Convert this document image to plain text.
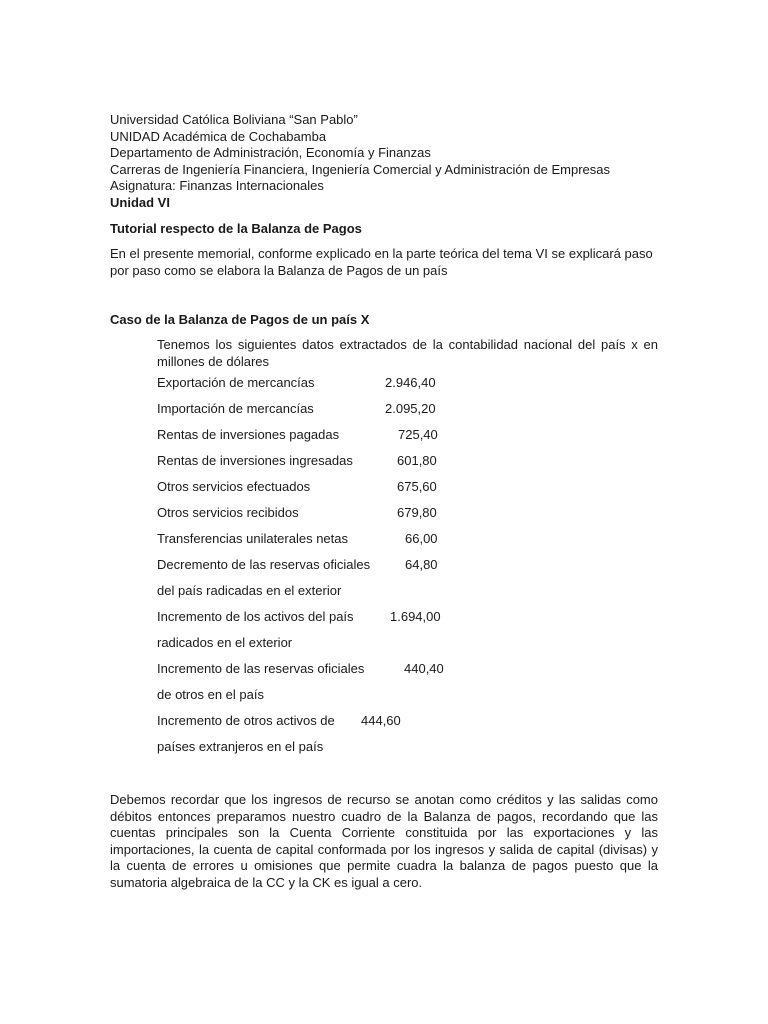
Universidad Católica Boliviana “San Pablo”
UNIDAD Académica de Cochabamba
Departamento de Administración, Economía y Finanzas
Carreras de Ingeniería Financiera, Ingeniería Comercial y Administración de Empresas
Asignatura: Finanzas Internacionales
Unidad VI
Tutorial respecto de la Balanza de Pagos
En el presente memorial, conforme explicado en la parte teórica del tema VI se explicará paso por paso como se elabora la Balanza de Pagos de un país
Caso de la Balanza de Pagos de un país X
Tenemos los siguientes datos extractados de la contabilidad nacional del país x en millones de dólares
Exportación de mercancías	2.946,40
Importación de mercancías	2.095,20
Rentas de inversiones pagadas	725,40
Rentas de inversiones ingresadas	601,80
Otros servicios efectuados	675,60
Otros servicios recibidos	679,80
Transferencias unilaterales netas	66,00
Decremento de las reservas oficiales	64,80
del país radicadas en el exterior
Incremento de los activos del país	1.694,00
radicados en el exterior
Incremento de las reservas oficiales	440,40
de otros en el país
Incremento de otros activos de 444,60
países extranjeros en el país
Debemos recordar que los ingresos de recurso se anotan como créditos y las salidas como débitos entonces preparamos nuestro cuadro de la Balanza de pagos, recordando que las cuentas principales son la Cuenta Corriente constituida por las exportaciones y las importaciones, la cuenta de capital conformada por los ingresos y salida de capital (divisas) y la cuenta de errores u omisiones que permite cuadra la balanza de pagos puesto que la sumatoria algebraica de la CC y la CK es igual a cero.
